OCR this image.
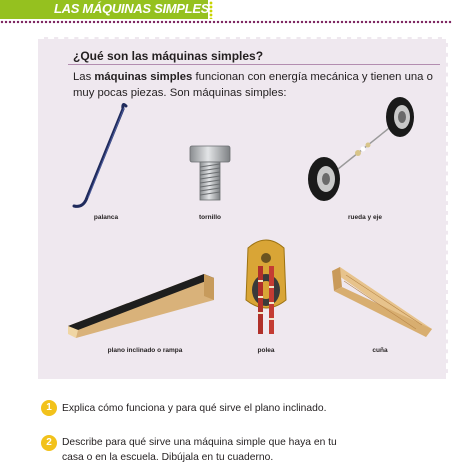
LAS MÁQUINAS SIMPLES
¿Qué son las máquinas simples?
Las máquinas simples funcionan con energía mecánica y tienen una o muy pocas piezas. Son máquinas simples:
palanca	tornillo	rueda y eje
plano inclinado o rampa	polea	cuña
1 Explica cómo funciona y para qué sirve el plano inclinado.
2 Describe para qué sirve una máquina simple que haya en tu
casa o en la escuela. Dibújala en tu cuaderno.
